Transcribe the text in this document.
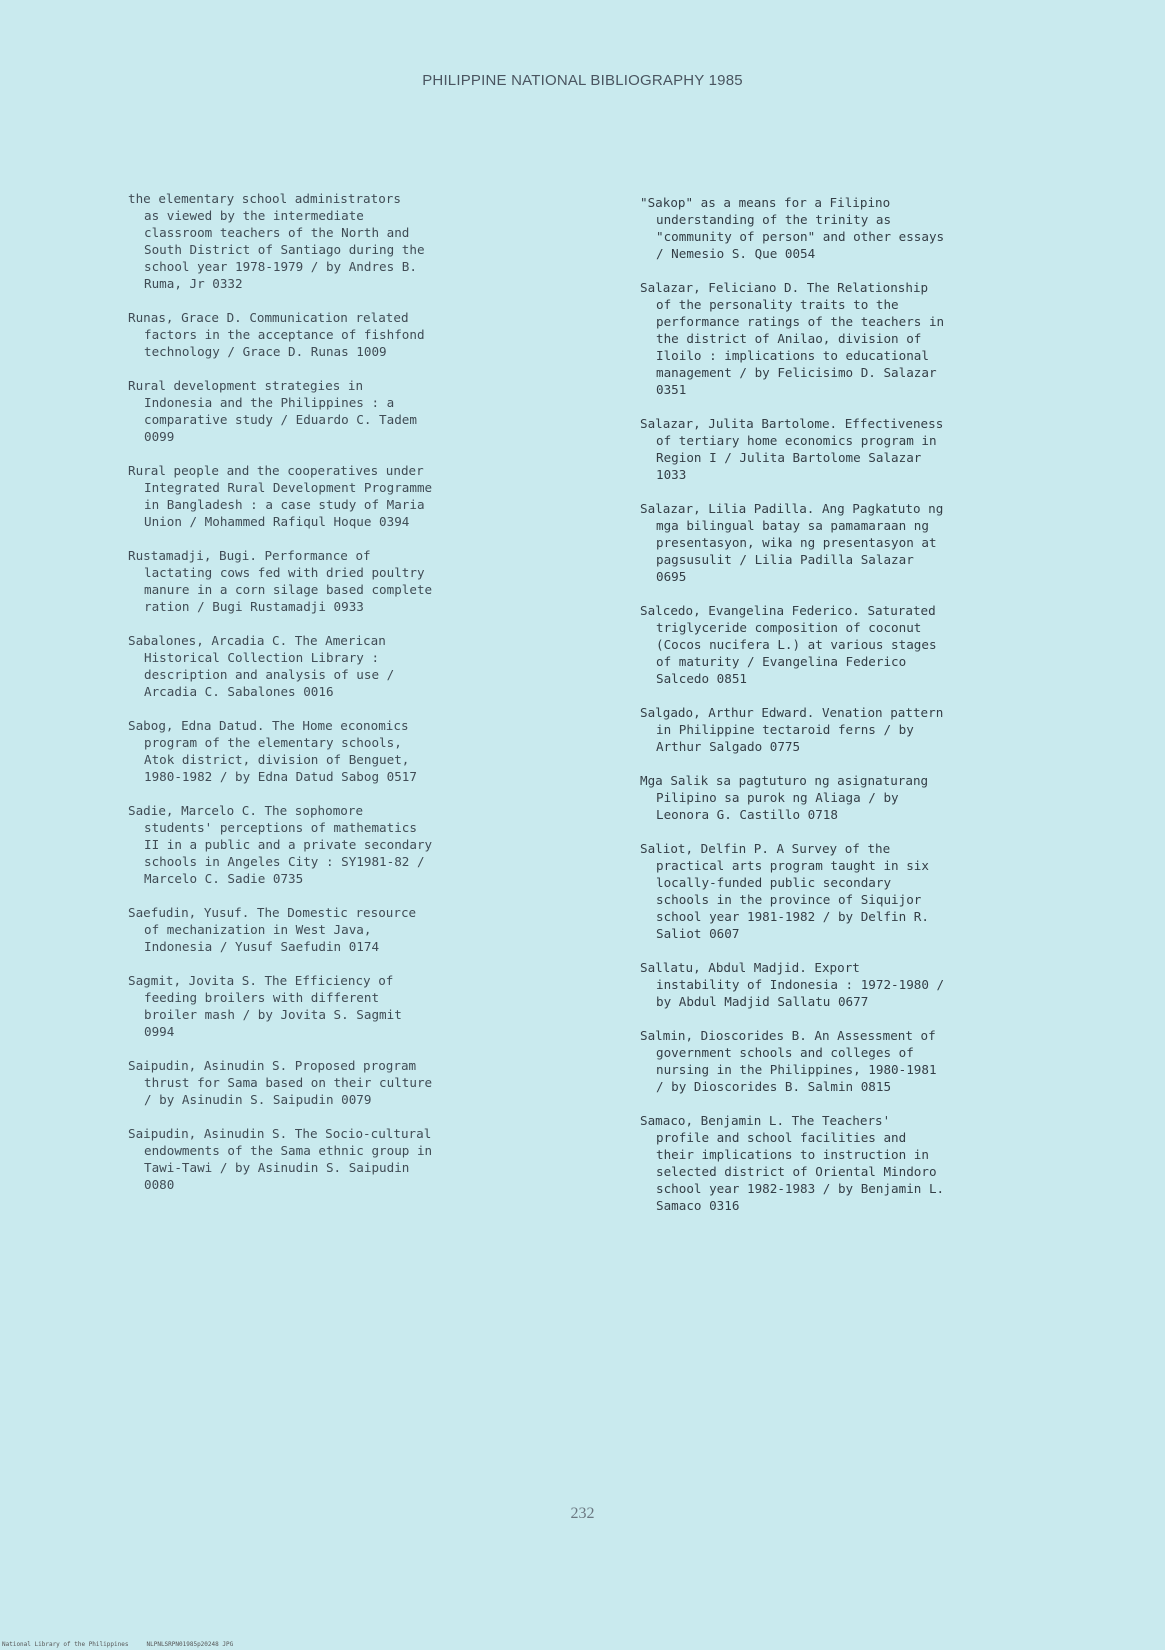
PHILIPPINE NATIONAL BIBLIOGRAPHY 1985
the elementary school administrators
as viewed by the intermediate
classroom teachers of the North and
South District of Santiago during the
school year 1978-1979 / by Andres B.
Ruma, Jr 0332
Runas, Grace D. Communication related
factors in the acceptance of fishfond
technology / Grace D. Runas 1009
Rural development strategies in
Indonesia and the Philippines : a
comparative study / Eduardo C. Tadem
0099
Rural people and the cooperatives under
Integrated Rural Development Programme
in Bangladesh : a case study of Maria
Union / Mohammed Rafiqul Hoque 0394
Rustamadji, Bugi. Performance of
lactating cows fed with dried poultry
manure in a corn silage based complete
ration / Bugi Rustamadji 0933
Sabalones, Arcadia C. The American
Historical Collection Library :
description and analysis of use /
Arcadia C. Sabalones 0016
Sabog, Edna Datud. The Home economics
program of the elementary schools,
Atok district, division of Benguet,
1980-1982 / by Edna Datud Sabog 0517
Sadie, Marcelo C. The sophomore
students' perceptions of mathematics
II in a public and a private secondary
schools in Angeles City : SY1981-82 /
Marcelo C. Sadie 0735
Saefudin, Yusuf. The Domestic resource
of mechanization in West Java,
Indonesia / Yusuf Saefudin 0174
Sagmit, Jovita S. The Efficiency of
feeding broilers with different
broiler mash / by Jovita S. Sagmit
0994
Saipudin, Asinudin S. Proposed program
thrust for Sama based on their culture
/ by Asinudin S. Saipudin 0079
Saipudin, Asinudin S. The Socio-cultural
endowments of the Sama ethnic group in
Tawi-Tawi / by Asinudin S. Saipudin
0080
"Sakop" as a means for a Filipino
understanding of the trinity as
"community of person" and other essays
/ Nemesio S. Que 0054
Salazar, Feliciano D. The Relationship
of the personality traits to the
performance ratings of the teachers in
the district of Anilao, division of
Iloilo : implications to educational
management / by Felicisimo D. Salazar
0351
Salazar, Julita Bartolome. Effectiveness
of tertiary home economics program in
Region I / Julita Bartolome Salazar
1033
Salazar, Lilia Padilla. Ang Pagkatuto ng
mga bilingual batay sa pamamaraan ng
presentasyon, wika ng presentasyon at
pagsusulit / Lilia Padilla Salazar
0695
Salcedo, Evangelina Federico. Saturated
triglyceride composition of coconut
(Cocos nucifera L.) at various stages
of maturity / Evangelina Federico
Salcedo 0851
Salgado, Arthur Edward. Venation pattern
in Philippine tectaroid ferns / by
Arthur Salgado 0775
Mga Salik sa pagtuturo ng asignaturang
Pilipino sa purok ng Aliaga / by
Leonora G. Castillo 0718
Saliot, Delfin P. A Survey of the
practical arts program taught in six
locally-funded public secondary
schools in the province of Siquijor
school year 1981-1982 / by Delfin R.
Saliot 0607
Sallatu, Abdul Madjid. Export
instability of Indonesia : 1972-1980 /
by Abdul Madjid Sallatu 0677
Salmin, Dioscorides B. An Assessment of
government schools and colleges of
nursing in the Philippines, 1980-1981
/ by Dioscorides B. Salmin 0815
Samaco, Benjamin L. The Teachers'
profile and school facilities and
their implications to instruction in
selected district of Oriental Mindoro
school year 1982-1983 / by Benjamin L.
Samaco 0316
232
National Library of the Philippines	NLPNLSRPN01985p20248 JPG
